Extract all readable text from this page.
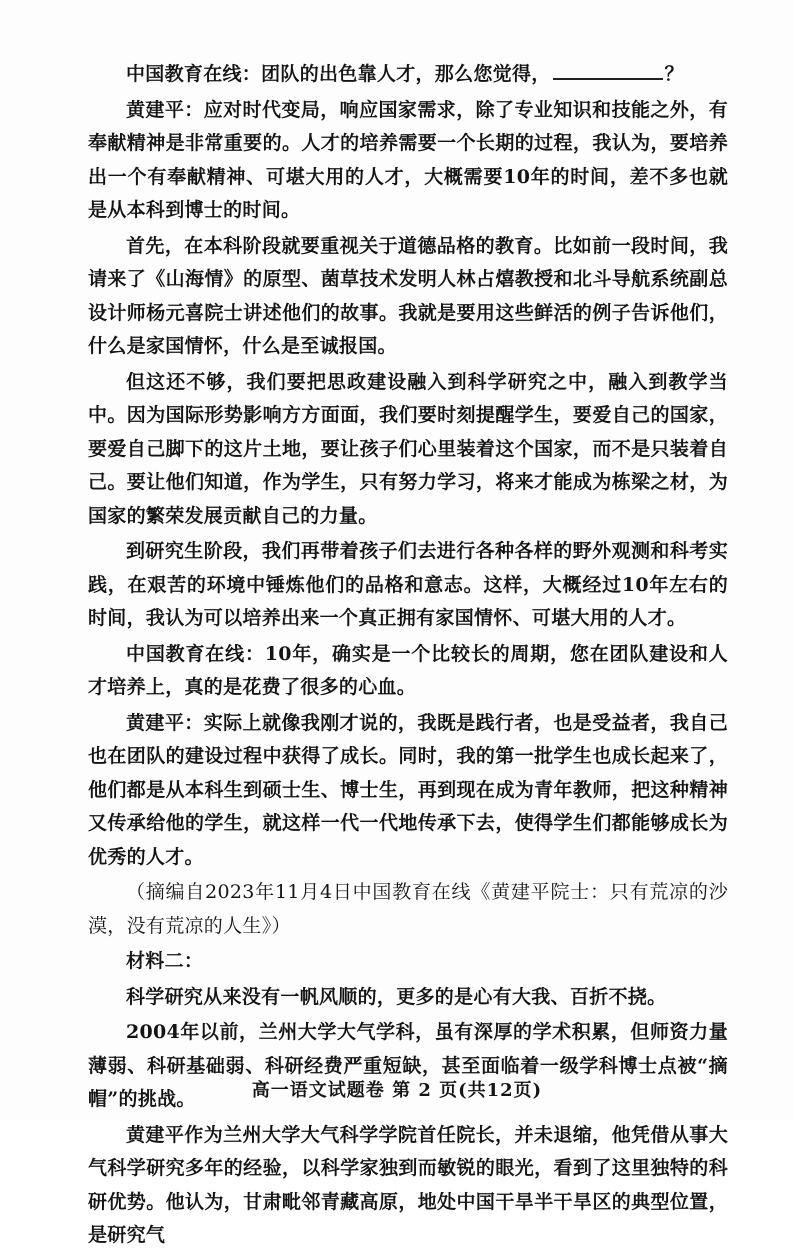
中国教育在线：团队的出色靠人才，那么您觉得，	？

黄建平：应对时代变局，响应国家需求，除了专业知识和技能之外，有奉献精神是非常重要的。人才的培养需要一个长期的过程，我认为，要培养出一个有奉献精神、可堪大用的人才，大概需要10年的时间，差不多也就是从本科到博士的时间。

首先，在本科阶段就要重视关于道德品格的教育。比如前一段时间，我请来了《山海情》的原型、菌草技术发明人林占熺教授和北斗导航系统副总设计师杨元喜院士讲述他们的故事。我就是要用这些鲜活的例子告诉他们，什么是家国情怀，什么是至诚报国。

但这还不够，我们要把思政建设融入到科学研究之中，融入到教学当中。因为国际形势影响方方面面，我们要时刻提醒学生，要爱自己的国家，要爱自己脚下的这片土地，要让孩子们心里装着这个国家，而不是只装着自己。要让他们知道，作为学生，只有努力学习，将来才能成为栋梁之材，为国家的繁荣发展贡献自己的力量。

到研究生阶段，我们再带着孩子们去进行各种各样的野外观测和科考实践，在艰苦的环境中锤炼他们的品格和意志。这样，大概经过10年左右的时间，我认为可以培养出来一个真正拥有家国情怀、可堪大用的人才。

中国教育在线：10年，确实是一个比较长的周期，您在团队建设和人才培养上，真的是花费了很多的心血。

黄建平：实际上就像我刚才说的，我既是践行者，也是受益者，我自己也在团队的建设过程中获得了成长。同时，我的第一批学生也成长起来了，他们都是从本科生到硕士生、博士生，再到现在成为青年教师，把这种精神又传承给他的学生，就这样一代一代地传承下去，使得学生们都能够成长为优秀的人才。

（摘编自2023年11月4日中国教育在线《黄建平院士：只有荒凉的沙漠，没有荒凉的人生》）

材料二：

科学研究从来没有一帆风顺的，更多的是心有大我、百折不挠。

2004年以前，兰州大学大气学科，虽有深厚的学术积累，但师资力量薄弱、科研基础弱、科研经费严重短缺，甚至面临着一级学科博士点被“摘帽”的挑战。

黄建平作为兰州大学大气科学学院首任院长，并未退缩，他凭借从事大气科学研究多年的经验，以科学家独到而敏锐的眼光，看到了这里独特的科研优势。他认为，甘肃毗邻青藏高原，地处中国干旱半干旱区的典型位置，是研究气

高一语文试题卷 第 2 页(共12页)
